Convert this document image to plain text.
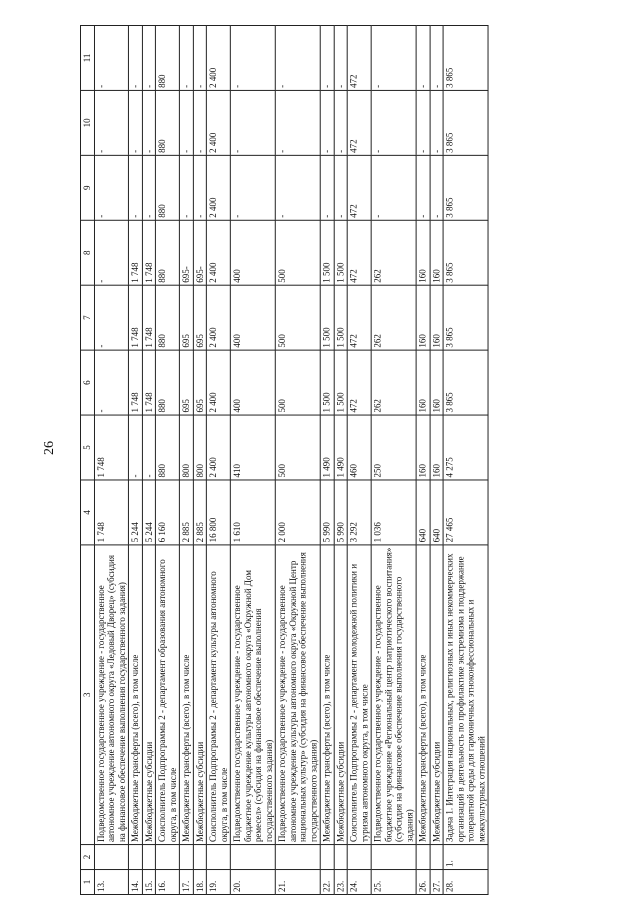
26
1	2	3	4	5	6	7	8	9	10	11
13.		Подведомственное государственное учреждение - государственное автономное учреждение автономного округа «Ледовый Дворец» (субсидия на финансовое обеспечение выполнения государственного задания)	1 748	1 748	-	-	-	-	-	-
14.		Межбюджетные трансферты (всего), в том числе	5 244	-	1 748	1 748	1 748	-	-	-
15.		Межбюджетные субсидии	5 244	-	1 748	1 748	1 748	-	-	-
16.		Соисполнитель Подпрограммы 2 - департамент образования автономного округа, в том числе	6 160	880	880	880	880	880	880	880
17.		Межбюджетные трансферты (всего), в том числе	2 885	800	695	695	695-	-	-	-
18.		Межбюджетные субсидии	2 885	800	695	695	695-	-	-	-
19.		Соисполнитель Подпрограммы 2 - департамент культуры автономного округа, в том числе	16 800	2 400	2 400	2 400	2 400	2 400	2 400	2 400
20.		Подведомственное государственное учреждение - государственное бюджетное учреждение культуры автономного округа «Окружной Дом ремесел» (субсидия на финансовое обеспечение выполнения государственного задания)	1 610	410	400	400	400	-	-	-
21.		Подведомственное государственное учреждение - государственное автономное учреждение культуры автономного округа «Окружной Центр национальных культур» (субсидия на финансовое обеспечение выполнения государственного задания)	2 000	500	500	500	500	-	-	-
22.		Межбюджетные трансферты (всего), в том числе	5 990	1 490	1 500	1 500	1 500	-	-	-
23.		Межбюджетные субсидии	5 990	1 490	1 500	1 500	1 500	-	-	-
24.		Соисполнитель Подпрограммы 2 - департамент молодежной политики и туризма автономного округа, в том числе	3 292	460	472	472	472	472	472	472
25.		Подведомственное государственное учреждение - государственное бюджетное учреждение «Региональный центр патриотического воспитания» (субсидия на финансовое обеспечение выполнения государственного задания)	1 036	250	262	262	262	-	-	-
26.		Межбюджетные трансферты (всего), в том числе	640	160	160	160	160	-	-	-
27.		Межбюджетные субсидии	640	160	160	160	160	-	-	-
28.	1.	Задача 1. Интеграция национальных, религиозных и иных некоммерческих организаций в деятельность по профилактике экстремизма и поддержание толерантной среды для гармоничных этноконфессиональных и межкультурных отношений	27 465	4 275	3 865	3 865	3 865	3 865	3 865	3 865
